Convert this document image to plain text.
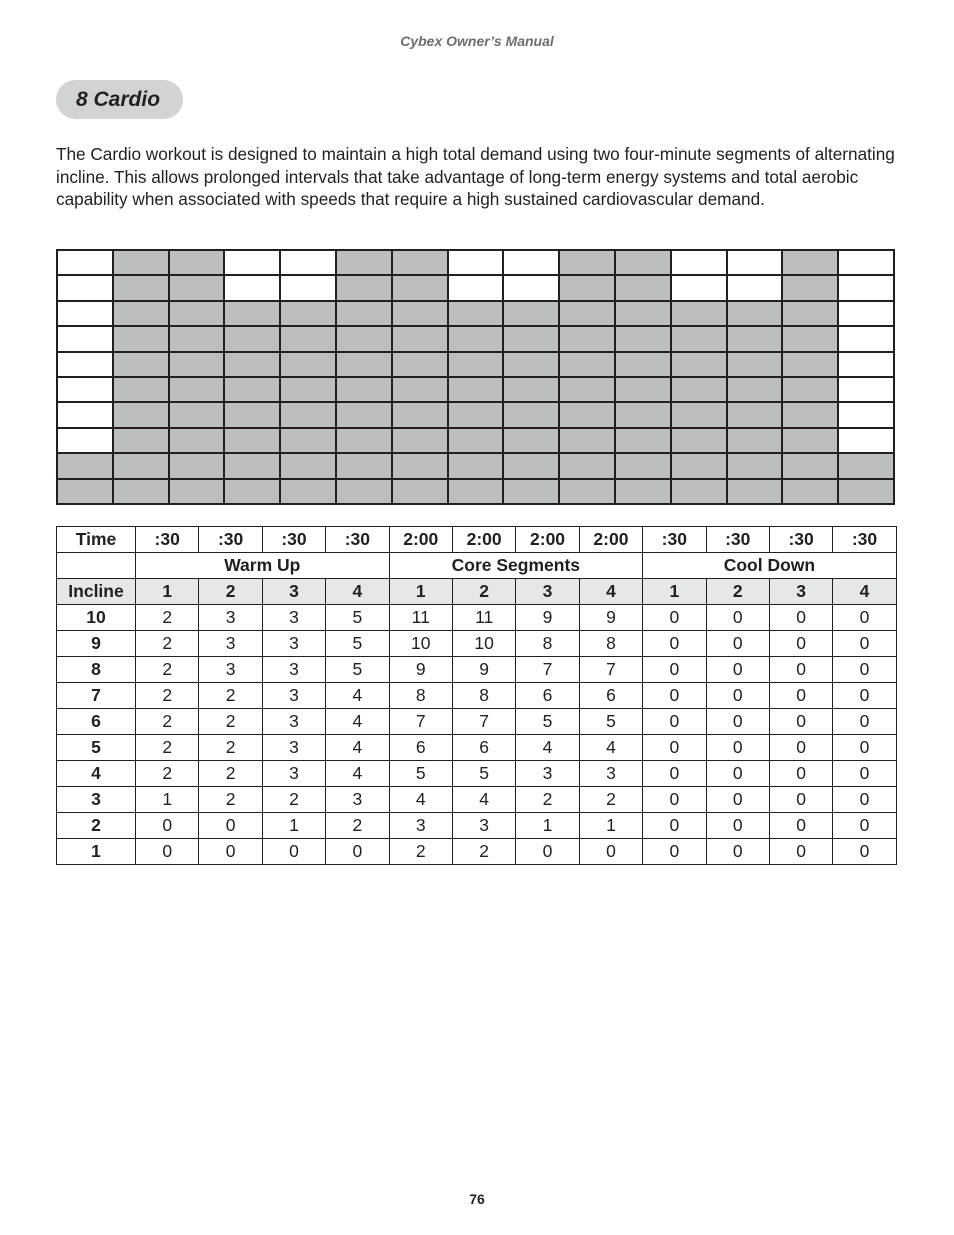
Cybex Owner’s Manual
8 Cardio

The Cardio workout is designed to maintain a high total demand using two four-minute segments of alternating incline. This allows prolonged intervals that take advantage of long-term energy systems and total aerobic capability when associated with speeds that require a high sustained cardiovascular demand.

Time	:30	:30	:30	:30	2:00	2:00	2:00	2:00	:30	:30	:30	:30
	Warm Up				Core Segments				Cool Down			
Incline	1	2	3	4	1	2	3	4	1	2	3	4
10	2	3	3	5	11	11	9	9	0	0	0	0
9	2	3	3	5	10	10	8	8	0	0	0	0
8	2	3	3	5	9	9	7	7	0	0	0	0
7	2	2	3	4	8	8	6	6	0	0	0	0
6	2	2	3	4	7	7	5	5	0	0	0	0
5	2	2	3	4	6	6	4	4	0	0	0	0
4	2	2	3	4	5	5	3	3	0	0	0	0
3	1	2	2	3	4	4	2	2	0	0	0	0
2	0	0	1	2	3	3	1	1	0	0	0	0
1	0	0	0	0	2	2	0	0	0	0	0	0
76
